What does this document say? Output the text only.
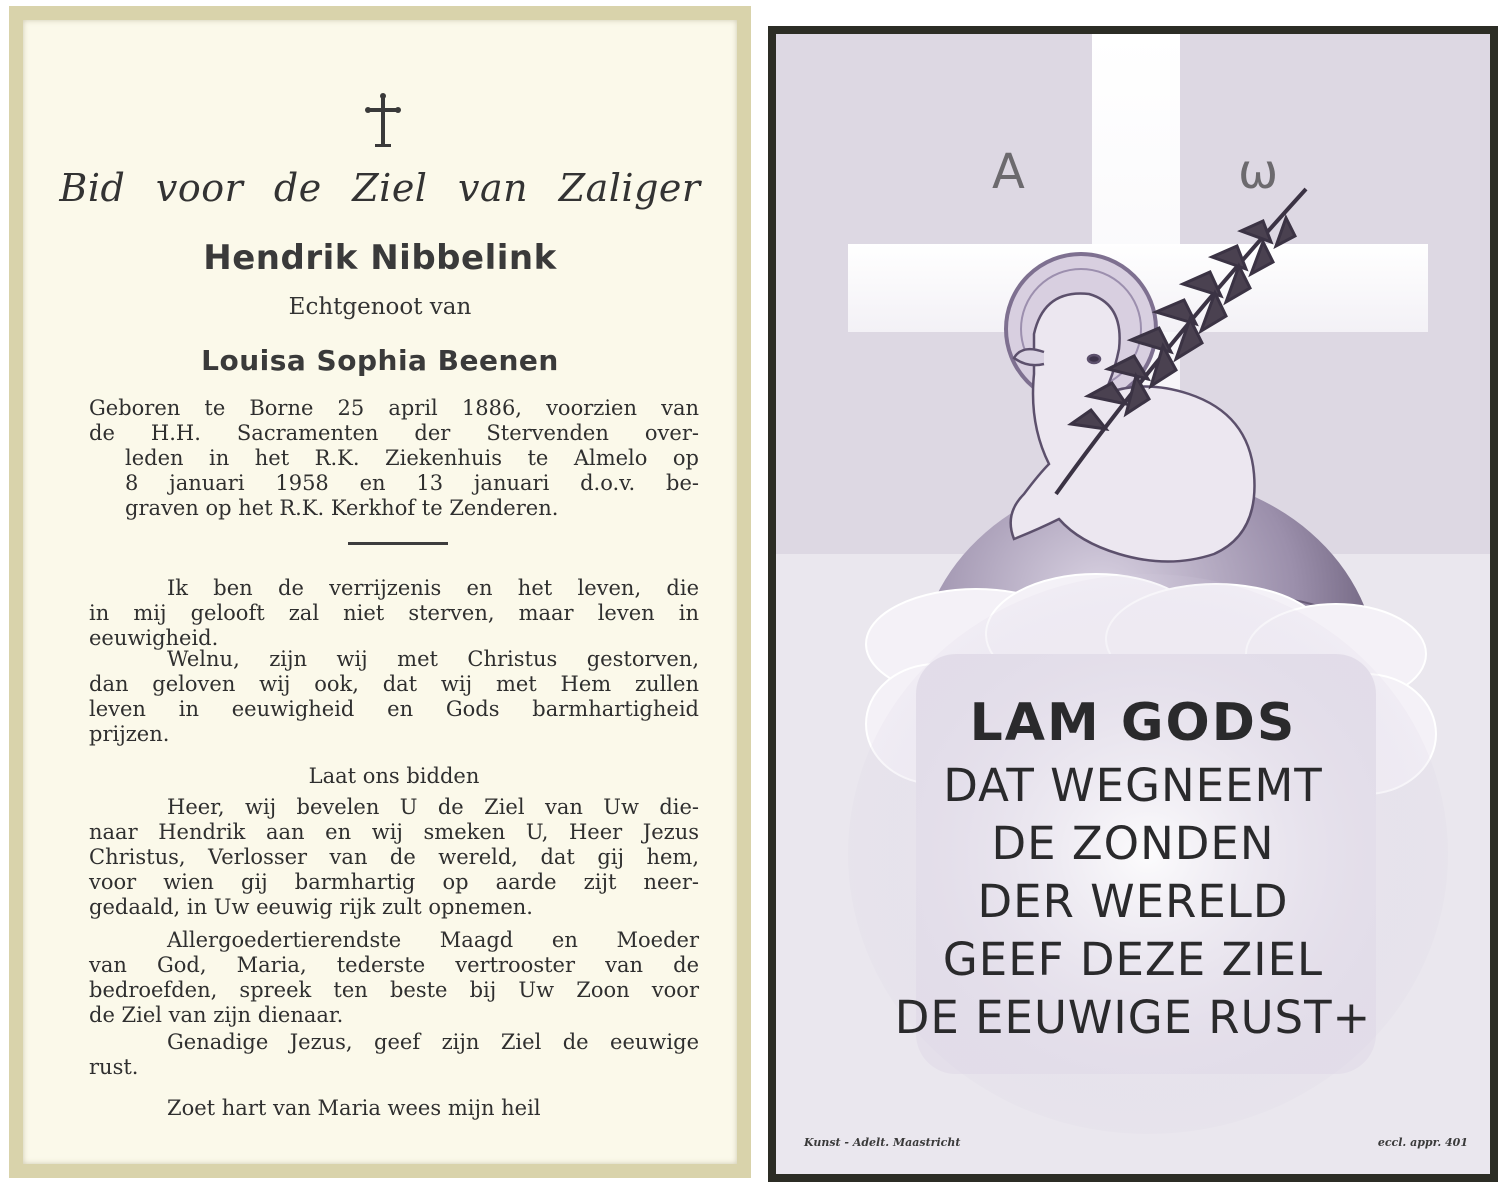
Bid voor de Ziel van Zaliger

Hendrik Nibbelink

Echtgenoot van

Louisa Sophia Beenen

Geboren te Borne 25 april 1886, voorzien van
de H.H. Sacramenten der Stervenden over-
leden in het R.K. Ziekenhuis te Almelo op
8 januari 1958 en 13 januari d.o.v. be-
graven op het R.K. Kerkhof te Zenderen.
Ik ben de verrijzenis en het leven, die
in mij gelooft zal niet sterven, maar leven in
eeuwigheid.
Welnu, zijn wij met Christus gestorven,
dan geloven wij ook, dat wij met Hem zullen
leven in eeuwigheid en Gods barmhartigheid
prijzen.
Laat ons bidden
Heer, wij bevelen U de Ziel van Uw die-
naar Hendrik aan en wij smeken U, Heer Jezus
Christus, Verlosser van de wereld, dat gij hem,
voor wien gij barmhartig op aarde zijt neer-
gedaald, in Uw eeuwig rijk zult opnemen.
Allergoedertierendste Maagd en Moeder
van God, Maria, tederste vertrooster van de
bedroefden, spreek ten beste bij Uw Zoon voor
de Ziel van zijn dienaar.
Genadige Jezus, geef zijn Ziel de eeuwige
rust.
Zoet hart van Maria wees mijn heil
A	ω
LAM GODS
DAT WEGNEEMT
DE ZONDEN
DER WERELD
GEEF DEZE ZIEL
DE EEUWIGE RUST+
Kunst - Adelt. Maastricht	eccl. appr. 401
